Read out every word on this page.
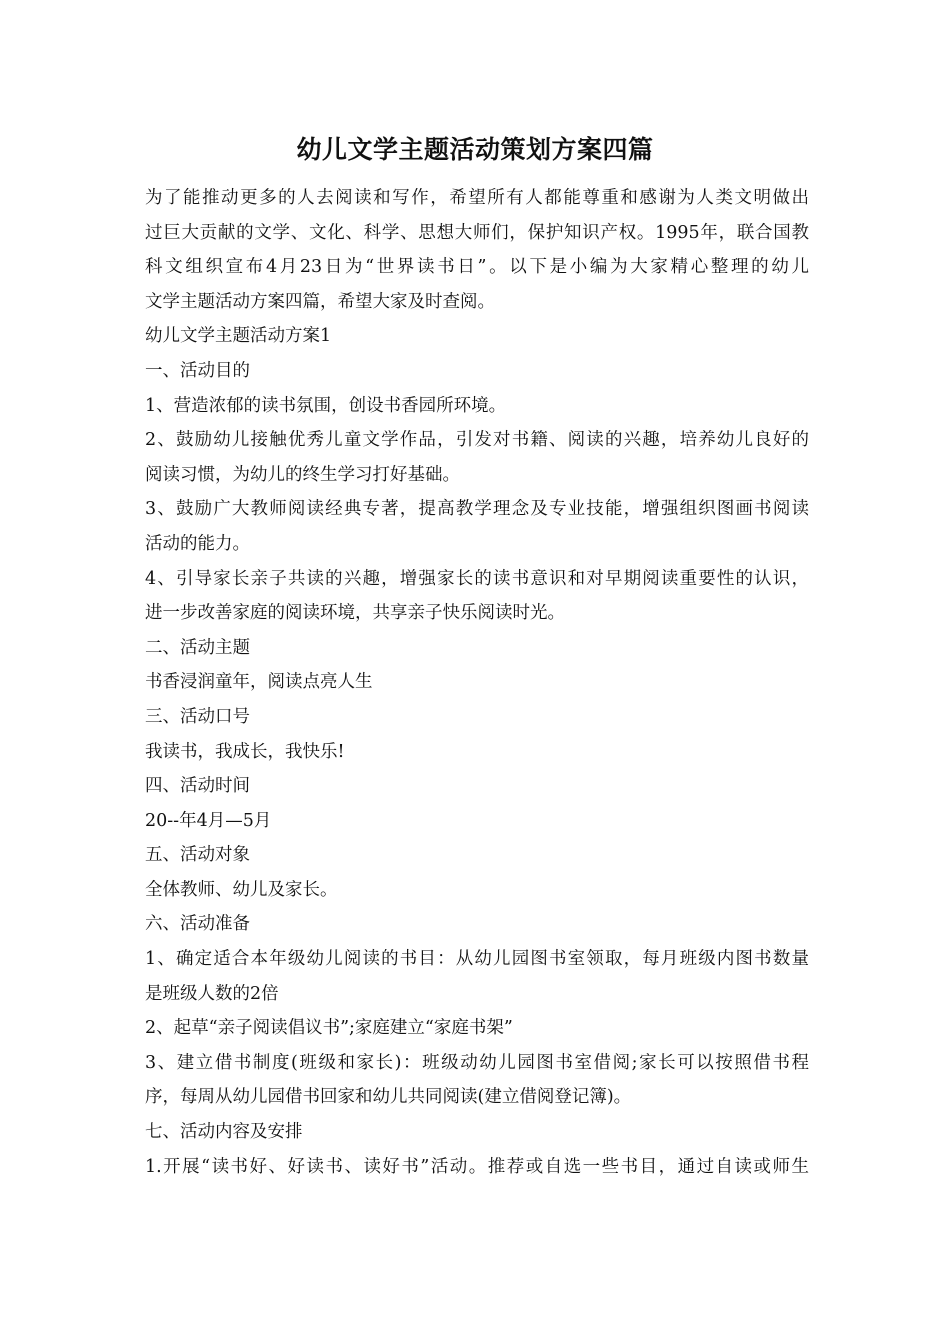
幼儿文学主题活动策划方案四篇
为了能推动更多的人去阅读和写作，希望所有人都能尊重和感谢为人类文明做出
过巨大贡献的文学、文化、科学、思想大师们，保护知识产权。1995年，联合国教
科文组织宣布4月23日为“世界读书日”。以下是小编为大家精心整理的幼儿
文学主题活动方案四篇，希望大家及时查阅。
幼儿文学主题活动方案1
一、活动目的
1、营造浓郁的读书氛围，创设书香园所环境。
2、鼓励幼儿接触优秀儿童文学作品，引发对书籍、阅读的兴趣，培养幼儿良好的
阅读习惯，为幼儿的终生学习打好基础。
3、鼓励广大教师阅读经典专著，提高教学理念及专业技能，增强组织图画书阅读
活动的能力。
4、引导家长亲子共读的兴趣，增强家长的读书意识和对早期阅读重要性的认识，
进一步改善家庭的阅读环境，共享亲子快乐阅读时光。
二、活动主题
书香浸润童年，阅读点亮人生
三、活动口号
我读书，我成长，我快乐!
四、活动时间
20--年4月—5月
五、活动对象
全体教师、幼儿及家长。
六、活动准备
1、确定适合本年级幼儿阅读的书目：从幼儿园图书室领取，每月班级内图书数量
是班级人数的2倍
2、起草“亲子阅读倡议书”;家庭建立“家庭书架”
3、建立借书制度(班级和家长)：班级动幼儿园图书室借阅;家长可以按照借书程
序，每周从幼儿园借书回家和幼儿共同阅读(建立借阅登记簿)。
七、活动内容及安排
1.开展“读书好、好读书、读好书”活动。推荐或自选一些书目，通过自读或师生
